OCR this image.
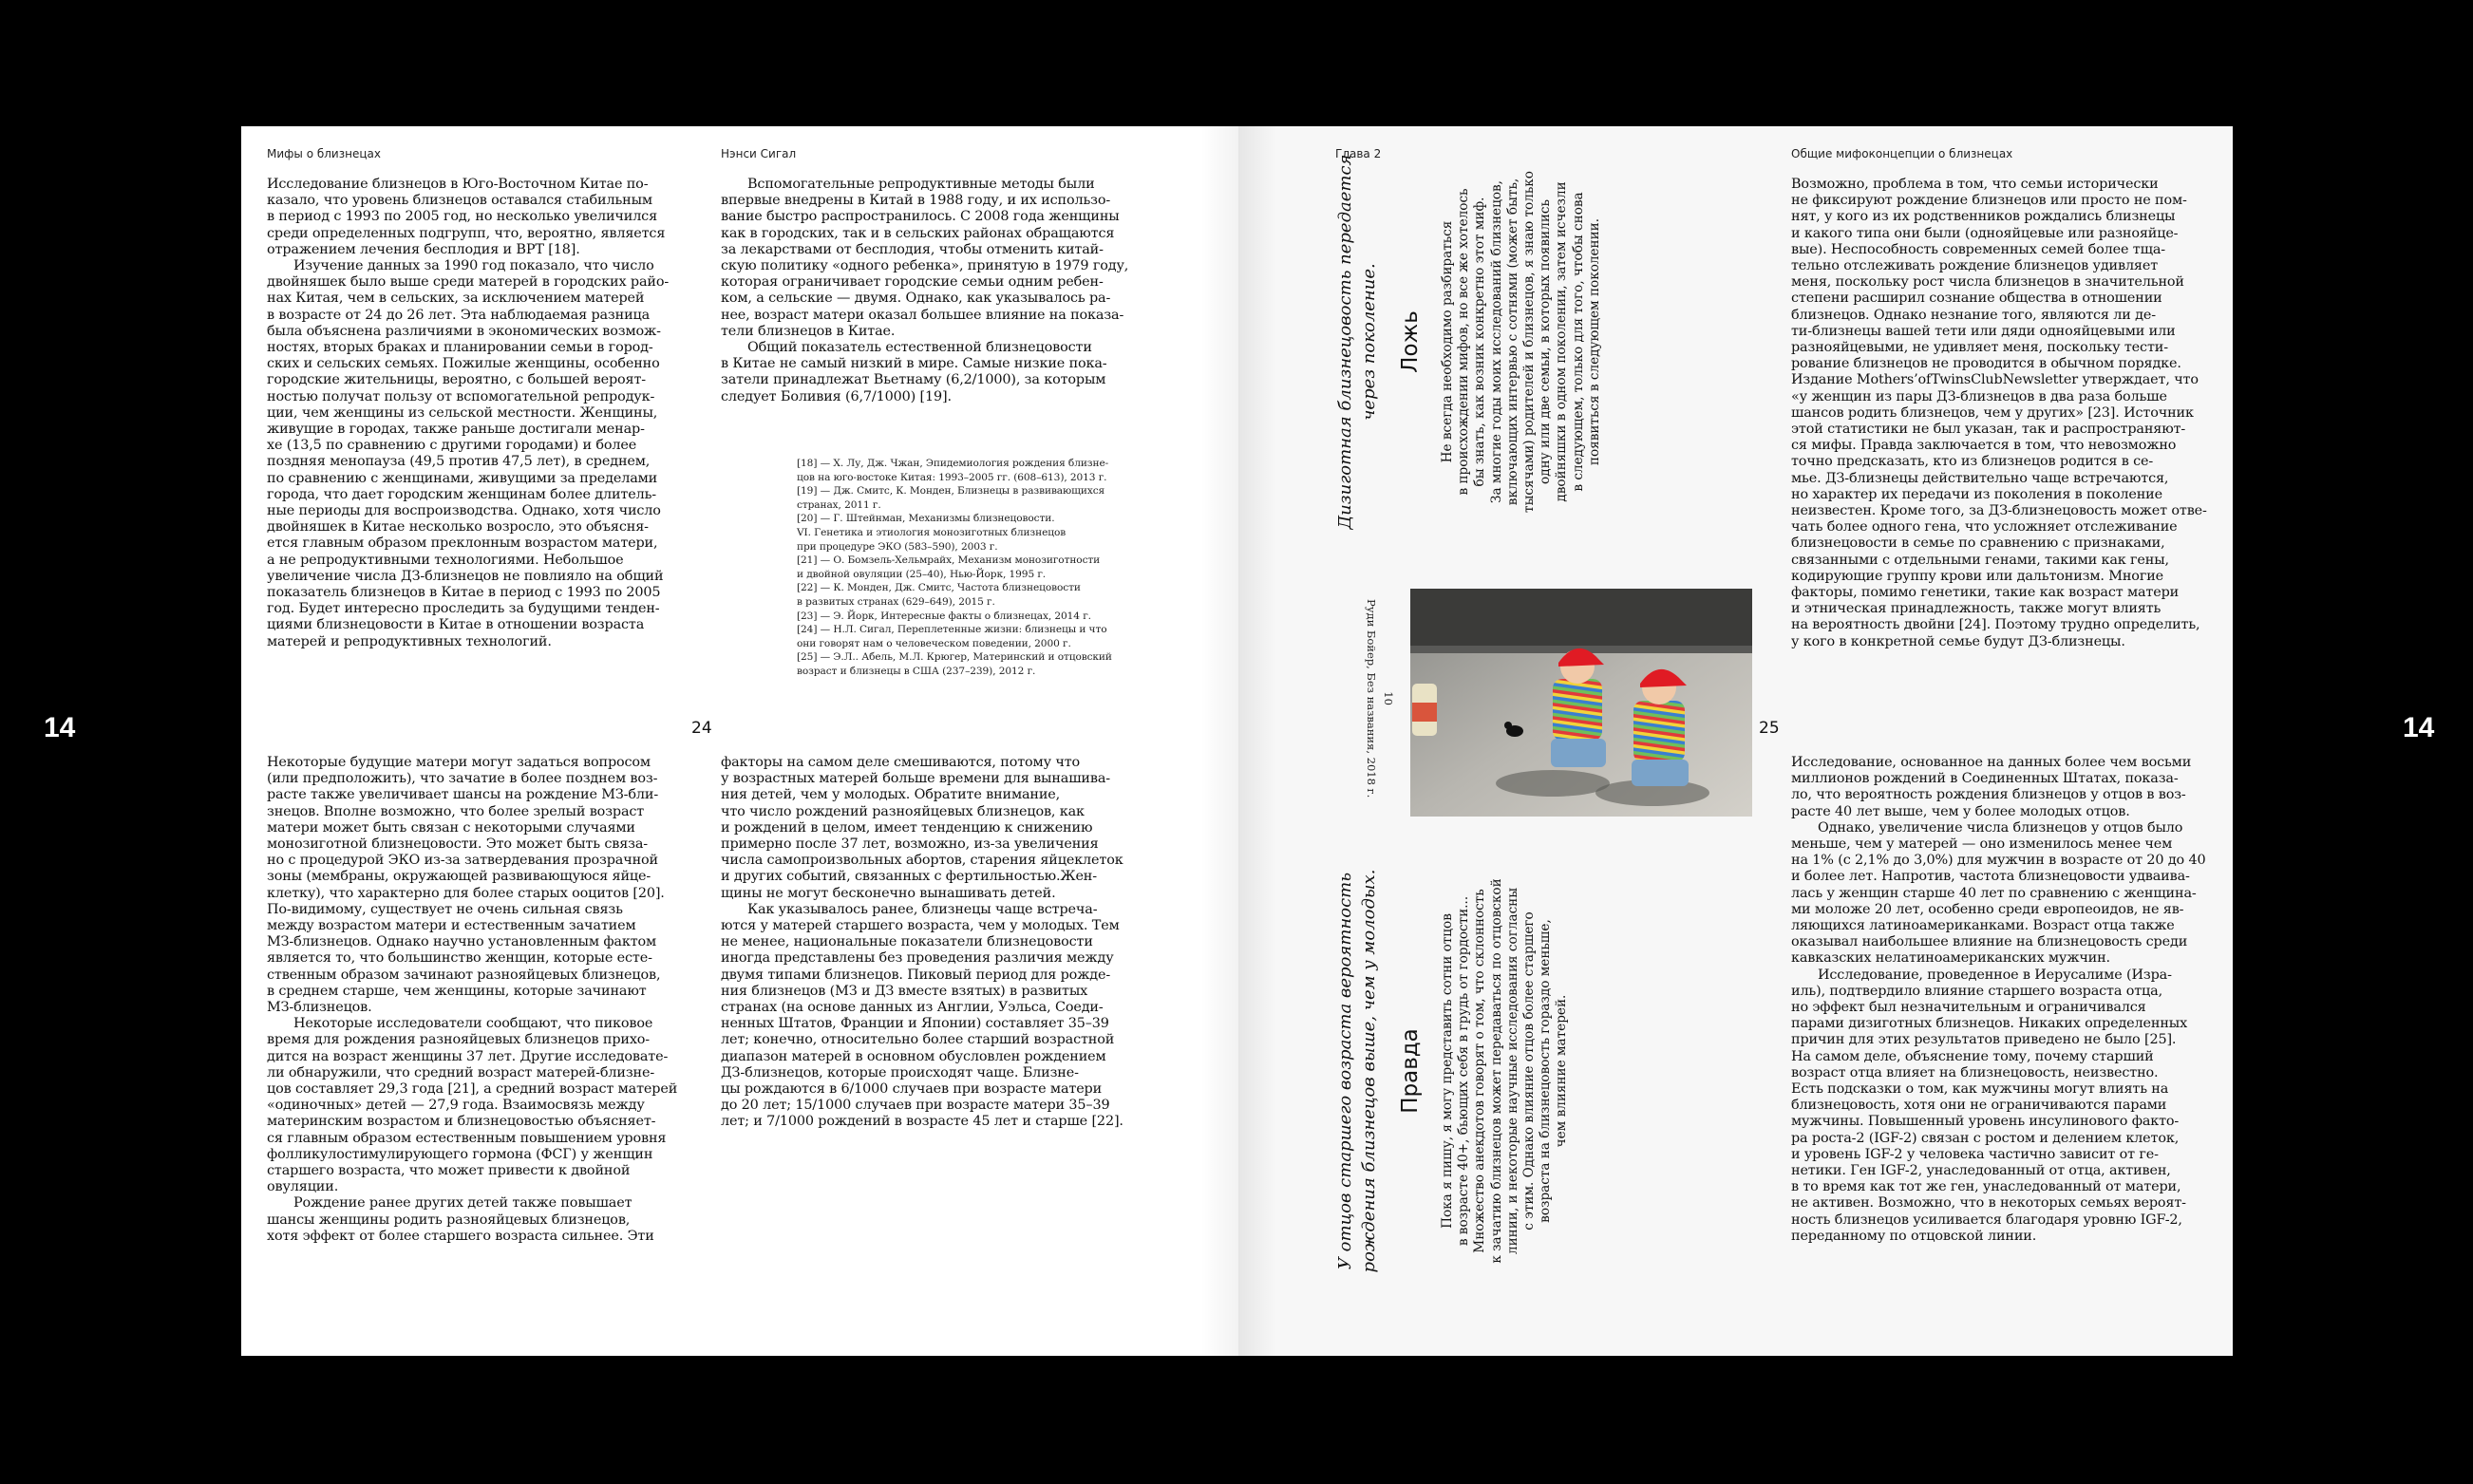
14	14
Мифы о близнецах	Нэнси Сигал

Исследование близнецов в Юго-Восточном Китае по-

казало, что уровень близнецов оставался стабильным

в период с 1993 по 2005 год, но несколько увеличился

среди определенных подгрупп, что, вероятно, является

отражением лечения бесплодия и ВРТ [18].

Изучение данных за 1990 год показало, что число

двойняшек было выше среди матерей в городских райо-

нах Китая, чем в сельских, за исключением матерей

в возрасте от 24 до 26 лет. Эта наблюдаемая разница

была объяснена различиями в экономических возмож-

ностях, вторых браках и планировании семьи в город-

ских и сельских семьях. Пожилые женщины, особенно

городские жительницы, вероятно, с большей вероят-

ностью получат пользу от вспомогательной репродук-

ции, чем женщины из сельской местности. Женщины,

живущие в городах, также раньше достигали менар-

хе (13,5 по сравнению с другими городами) и более

поздняя менопауза (49,5 против 47,5 лет), в среднем,

по сравнению с женщинами, живущими за пределами

города, что дает городским женщинам более длитель-

ные периоды для воспроизводства. Однако, хотя число

двойняшек в Китае несколько возросло, это объясня-

ется главным образом преклонным возрастом матери,

а не репродуктивными технологиями. Небольшое

увеличение числа ДЗ-близнецов не повлияло на общий

показатель близнецов в Китае в период с 1993 по 2005

год. Будет интересно проследить за будущими тенден-

циями близнецовости в Китае в отношении возраста

матерей и репродуктивных технологий.

Вспомогательные репродуктивные методы были

впервые внедрены в Китай в 1988 году, и их использо-

вание быстро распространилось. С 2008 года женщины

как в городских, так и в сельских районах обращаются

за лекарствами от бесплодия, чтобы отменить китай-

скую политику «одного ребенка», принятую в 1979 году,

которая ограничивает городские семьи одним ребен-

ком, а сельские — двумя. Однако, как указывалось ра-

нее, возраст матери оказал большее влияние на показа-

тели близнецов в Китае.

Общий показатель естественной близнецовости

в Китае не самый низкий в мире. Самые низкие пока-

затели принадлежат Вьетнаму (6,2/1000), за которым

следует Боливия (6,7/1000) [19].

[18] — Х. Лу, Дж. Чжан, Эпидемиология рождения близне-
цов на юго-востоке Китая: 1993–2005 гг. (608–613), 2013 г.
[19] — Дж. Смитс, К. Монден, Близнецы в развивающихся
странах, 2011 г.
[20] — Г. Штейнман, Механизмы близнецовости.
VI. Генетика и этиология монозиготных близнецов
при процедуре ЭКО (583–590), 2003 г.
[21] — О. Бомзель-Хельмрайх, Механизм монозиготности
и двойной овуляции (25–40), Нью-Йорк, 1995 г.
[22] — К. Монден, Дж. Смитс, Частота близнецовости
в развитых странах (629–649), 2015 г.
[23] — Э. Йорк, Интересные факты о близнецах, 2014 г.
[24] — Н.Л. Сигал, Переплетенные жизни: близнецы и что
они говорят нам о человеческом поведении, 2000 г.
[25] — Э.Л.. Абель, М.Л. Крюгер, Материнский и отцовский
возраст и близнецы в США (237–239), 2012 г.
24

Некоторые будущие матери могут задаться вопросом

(или предположить), что зачатие в более позднем воз-

расте также увеличивает шансы на рождение МЗ-бли-

знецов. Вполне возможно, что более зрелый возраст

матери может быть связан с некоторыми случаями

монозиготной близнецовости. Это может быть связа-

но с процедурой ЭКО из-за затвердевания прозрачной

зоны (мембраны, окружающей развивающуюся яйце-

клетку), что характерно для более старых ооцитов [20].

По-видимому, существует не очень сильная связь

между возрастом матери и естественным зачатием

МЗ-близнецов. Однако научно установленным фактом

является то, что большинство женщин, которые есте-

ственным образом зачинают разнояйцевых близнецов,

в среднем старше, чем женщины, которые зачинают

МЗ-близнецов.

Некоторые исследователи сообщают, что пиковое

время для рождения разнояйцевых близнецов прихо-

дится на возраст женщины 37 лет. Другие исследовате-

ли обнаружили, что средний возраст матерей-близне-

цов составляет 29,3 года [21], а средний возраст матерей

«одиночных» детей — 27,9 года. Взаимосвязь между

материнским возрастом и близнецовостью объясняет-

ся главным образом естественным повышением уровня

фолликулостимулирующего гормона (ФСГ) у женщин

старшего возраста, что может привести к двойной

овуляции.

Рождение ранее других детей также повышает

шансы женщины родить разнояйцевых близнецов,

хотя эффект от более старшего возраста сильнее. Эти

факторы на самом деле смешиваются, потому что

у возрастных матерей больше времени для вынашива-

ния детей, чем у молодых. Обратите внимание,

что число рождений разнояйцевых близнецов, как

и рождений в целом, имеет тенденцию к снижению

примерно после 37 лет, возможно, из-за увеличения

числа самопроизвольных абортов, старения яйцеклеток

и других событий, связанных с фертильностью.Жен-

щины не могут бесконечно вынашивать детей.

Как указывалось ранее, близнецы чаще встреча-

ются у матерей старшего возраста, чем у молодых. Тем

не менее, национальные показатели близнецовости

иногда представлены без проведения различия между

двумя типами близнецов. Пиковый период для рожде-

ния близнецов (МЗ и ДЗ вместе взятых) в развитых

странах (на основе данных из Англии, Уэльса, Соеди-

ненных Штатов, Франции и Японии) составляет 35–39

лет; конечно, относительно более старший возрастной

диапазон матерей в основном обусловлен рождением

ДЗ-близнецов, которые происходят чаще. Близне-

цы рождаются в 6/1000 случаев при возрасте матери

до 20 лет; 15/1000 случаев при возрасте матери 35–39

лет; и 7/1000 рождений в возрасте 45 лет и старше [22].

Глава 2	Общие мифоконцепции о близнецах
Дизиготная близнецовость передается через поколение. Ложь Не всегда необходимо разбираться в происхождении мифов, но все же хотелось бы знать, как возник конкретно этот миф. За многие годы моих исследований близнецов, включающих интервью с сотнями (может быть, тысячами) родителей и близнецов, я знаю только одну или две семьи, в которых появились двойняшки в одном поколении, затем исчезли в следующем, только для того, чтобы снова появиться в следующем поколении.
10
Руди Бойер, Без названия, 2018 г.
У отцов старшего возраста вероятность рождения близнецов выше, чем у молодых. Правда Пока я пишу, я могу представить сотни отцов в возрасте 40+, бьющих себя в грудь от гордости... Множество анекдотов говорят о том, что склонность к зачатию близнецов может передаваться по отцовской линии, и некоторые научные исследования согласны с этим. Однако влияние отцов более старшего возраста на близнецовость гораздо меньше, чем влияние матерей.
25

Возможно, проблема в том, что семьи исторически

не фиксируют рождение близнецов или просто не пом-

нят, у кого из их родственников рождались близнецы

и какого типа они были (однояйцевые или разнояйце-

вые). Неспособность современных семей более тща-

тельно отслеживать рождение близнецов удивляет

меня, поскольку рост числа близнецов в значительной

степени расширил сознание общества в отношении

близнецов. Однако незнание того, являются ли де-

ти-близнецы вашей тети или дяди однояйцевыми или

разнояйцевыми, не удивляет меня, поскольку тести-

рование близнецов не проводится в обычном порядке.

Издание Mothers’ofTwinsClubNewsletter утверждает, что

«у женщин из пары ДЗ-близнецов в два раза больше

шансов родить близнецов, чем у других» [23]. Источник

этой статистики не был указан, так и распространяют-

ся мифы. Правда заключается в том, что невозможно

точно предсказать, кто из близнецов родится в се-

мье. ДЗ-близнецы действительно чаще встречаются,

но характер их передачи из поколения в поколение

неизвестен. Кроме того, за ДЗ-близнецовость может отве-

чать более одного гена, что усложняет отслеживание

близнецовости в семье по сравнению с признаками,

связанными с отдельными генами, такими как гены,

кодирующие группу крови или дальтонизм. Многие

факторы, помимо генетики, такие как возраст матери

и этническая принадлежность, также могут влиять

на вероятность двойни [24]. Поэтому трудно определить,

у кого в конкретной семье будут ДЗ-близнецы.

Исследование, основанное на данных более чем восьми

миллионов рождений в Соединенных Штатах, показа-

ло, что вероятность рождения близнецов у отцов в воз-

расте 40 лет выше, чем у более молодых отцов.

Однако, увеличение числа близнецов у отцов было

меньше, чем у матерей — оно изменилось менее чем

на 1% (с 2,1% до 3,0%) для мужчин в возрасте от 20 до 40

и более лет. Напротив, частота близнецовости удваива-

лась у женщин старше 40 лет по сравнению с женщина-

ми моложе 20 лет, особенно среди европеоидов, не яв-

ляющихся латиноамериканками. Возраст отца также

оказывал наибольшее влияние на близнецовость среди

кавказских нелатиноамериканских мужчин.

Исследование, проведенное в Иерусалиме (Изра-

иль), подтвердило влияние старшего возраста отца,

но эффект был незначительным и ограничивался

парами дизиготных близнецов. Никаких определенных

причин для этих результатов приведено не было [25].

На самом деле, объяснение тому, почему старший

возраст отца влияет на близнецовость, неизвестно.

Есть подсказки о том, как мужчины могут влиять на

близнецовость, хотя они не ограничиваются парами

мужчины. Повышенный уровень инсулинового факто-

ра роста-2 (IGF-2) связан с ростом и делением клеток,

и уровень IGF-2 у человека частично зависит от ге-

нетики. Ген IGF-2, унаследованный от отца, активен,

в то время как тот же ген, унаследованный от матери,

не активен. Возможно, что в некоторых семьях вероят-

ность близнецов усиливается благодаря уровню IGF-2,

переданному по отцовской линии.
